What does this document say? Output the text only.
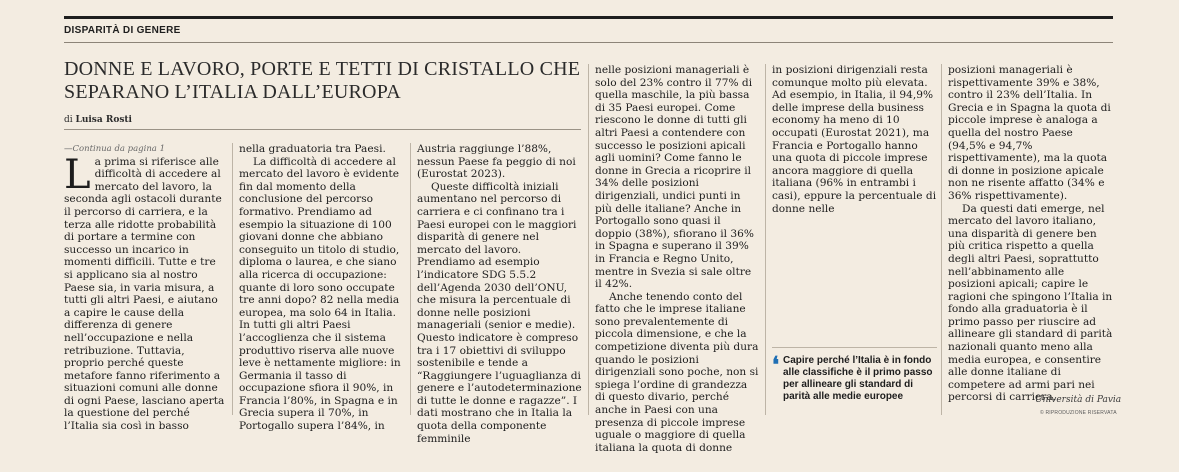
DISPARITÀ DI GENERE
DONNE E LAVORO, PORTE E TETTI DI CRISTALLO CHE SEPARANO L’ITALIA DALL’EUROPA
di Luisa Rosti

—Continua da pagina 1

La prima si riferisce alle difficoltà di accedere al mercato del lavoro, la seconda agli ostacoli durante il percorso di carriera, e la terza alle ridotte probabilità di portare a termine con successo un incarico in momenti difficili. Tutte e tre si applicano sia al nostro Paese sia, in varia misura, a tutti gli altri Paesi, e aiutano a capire le cause della differenza di genere nell’occupazione e nella retribuzione. Tuttavia, proprio perché queste metafore fanno riferimento a situazioni comuni alle donne di ogni Paese, lasciano aperta la questione del perché l’Italia sia così in basso

nella graduatoria tra Paesi.

La difficoltà di accedere al mercato del lavoro è evidente fin dal momento della conclusione del percorso formativo. Prendiamo ad esempio la situazione di 100 giovani donne che abbiano conseguito un titolo di studio, diploma o laurea, e che siano alla ricerca di occupazione: quante di loro sono occupate tre anni dopo? 82 nella media europea, ma solo 64 in Italia. In tutti gli altri Paesi l’accoglienza che il sistema produttivo riserva alle nuove leve è nettamente migliore: in Germania il tasso di occupazione sfiora il 90%, in Francia l’80%, in Spagna e in Grecia supera il 70%, in Portogallo supera l’84%, in

Austria raggiunge l’88%, nessun Paese fa peggio di noi (Eurostat 2023).

Queste difficoltà iniziali aumentano nel percorso di carriera e ci confinano tra i Paesi europei con le maggiori disparità di genere nel mercato del lavoro. Prendiamo ad esempio l’indicatore SDG 5.5.2 dell’Agenda 2030 dell’ONU, che misura la percentuale di donne nelle posizioni manageriali (senior e medie). Questo indicatore è compreso tra i 17 obiettivi di sviluppo sostenibile e tende a “Raggiungere l’uguaglianza di genere e l’autodeterminazione di tutte le donne e ragazze”. I dati mostrano che in Italia la quota della componente femminile

nelle posizioni manageriali è solo del 23% contro il 77% di quella maschile, la più bassa di 35 Paesi europei. Come riescono le donne di tutti gli altri Paesi a contendere con successo le posizioni apicali agli uomini? Come fanno le donne in Grecia a ricoprire il 34% delle posizioni dirigenziali, undici punti in più delle italiane? Anche in Portogallo sono quasi il doppio (38%), sfiorano il 36% in Spagna e superano il 39% in Francia e Regno Unito, mentre in Svezia si sale oltre il 42%.

Anche tenendo conto del fatto che le imprese italiane sono prevalentemente di piccola dimensione, e che la competizione diventa più dura quando le posizioni dirigenziali sono poche, non si spiega l’ordine di grandezza di questo divario, perché anche in Paesi con una presenza di piccole imprese uguale o maggiore di quella italiana la quota di donne

in posizioni dirigenziali resta comunque molto più elevata. Ad esempio, in Italia, il 94,9% delle imprese della business economy ha meno di 10 occupati (Eurostat 2021), ma Francia e Portogallo hanno una quota di piccole imprese ancora maggiore di quella italiana (96% in entrambi i casi), eppure la percentuale di donne nelle

❛ Capire perché l’Italia è in fondo alle classifiche è il primo passo per allineare gli standard di parità alle medie europee

posizioni manageriali è rispettivamente 39% e 38%, contro il 23% dell’Italia. In Grecia e in Spagna la quota di piccole imprese è analoga a quella del nostro Paese (94,5% e 94,7% rispettivamente), ma la quota di donne in posizione apicale non ne risente affatto (34% e 36% rispettivamente).

Da questi dati emerge, nel mercato del lavoro italiano, una disparità di genere ben più critica rispetto a quella degli altri Paesi, soprattutto nell’abbinamento alle posizioni apicali; capire le ragioni che spingono l’Italia in fondo alla graduatoria è il primo passo per riuscire ad allineare gli standard di parità nazionali quanto meno alla media europea, e consentire alle donne italiane di competere ad armi pari nei percorsi di carriera.

Università di Pavia
© RIPRODUZIONE RISERVATA
